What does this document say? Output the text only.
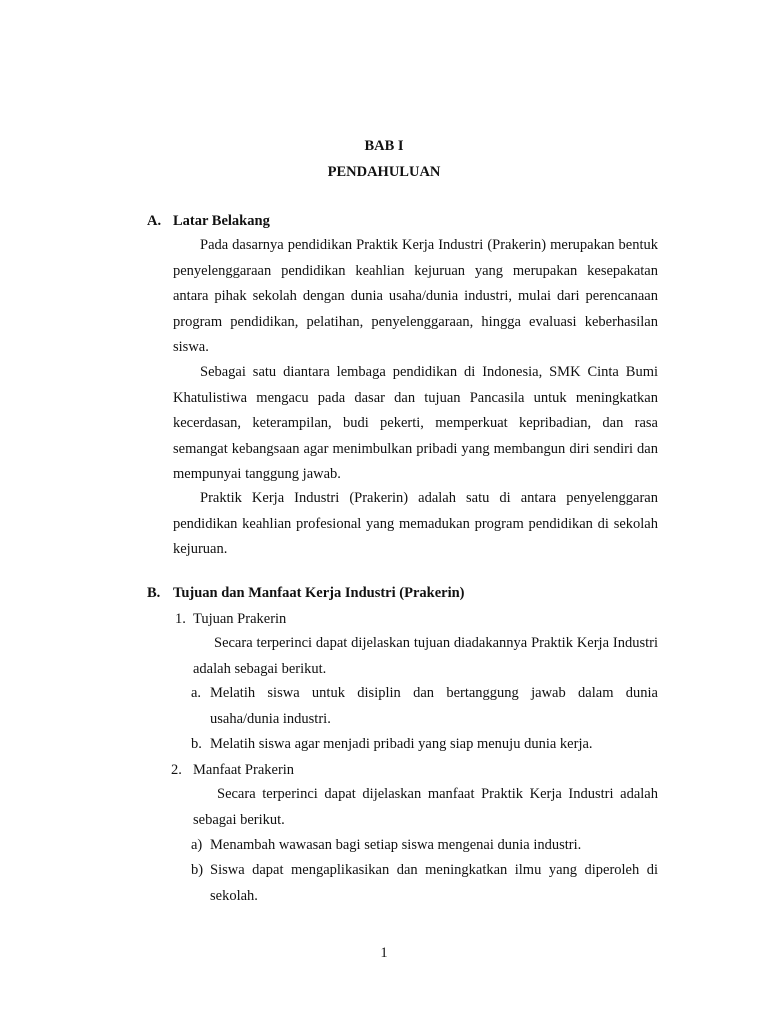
BAB I
PENDAHULUAN
A. Latar Belakang

Pada dasarnya pendidikan Praktik Kerja Industri (Prakerin) merupakan bentuk penyelenggaraan pendidikan keahlian kejuruan yang merupakan kesepakatan antara pihak sekolah dengan dunia usaha/dunia industri, mulai dari perencanaan program pendidikan, pelatihan, penyelenggaraan, hingga evaluasi keberhasilan siswa.

Sebagai satu diantara lembaga pendidikan di Indonesia, SMK Cinta Bumi Khatulistiwa mengacu pada dasar dan tujuan Pancasila untuk meningkatkan kecerdasan, keterampilan, budi pekerti, memperkuat kepribadian, dan rasa semangat kebangsaan agar menimbulkan pribadi yang membangun diri sendiri dan mempunyai tanggung jawab.

Praktik Kerja Industri (Prakerin) adalah satu di antara penyelenggaran pendidikan keahlian profesional yang memadukan program pendidikan di sekolah kejuruan.

B. Tujuan dan Manfaat Kerja Industri (Prakerin)
1. Tujuan Prakerin

Secara terperinci dapat dijelaskan tujuan diadakannya Praktik Kerja Industri adalah sebagai berikut.

a. Melatih siswa untuk disiplin dan bertanggung jawab dalam dunia usaha/dunia industri.
b. Melatih siswa agar menjadi pribadi yang siap menuju dunia kerja.
2. Manfaat Prakerin

Secara terperinci dapat dijelaskan manfaat Praktik Kerja Industri adalah sebagai berikut.

a) Menambah wawasan bagi setiap siswa mengenai dunia industri.
b) Siswa dapat mengaplikasikan dan meningkatkan ilmu yang diperoleh di sekolah.
1
